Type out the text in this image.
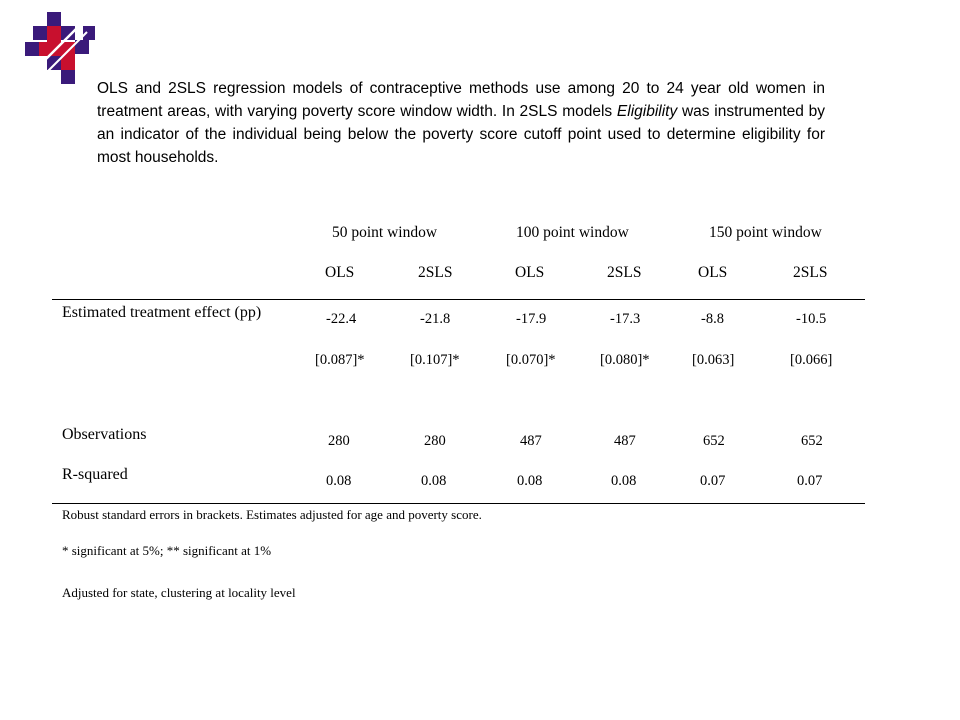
OLS and 2SLS regression models of contraceptive methods use among 20 to 24 year old women in treatment areas, with varying poverty score window width. In 2SLS models Eligibility was instrumented by an indicator of the individual being below the poverty score cutoff point used to determine eligibility for most households.
50 point window	100 point window	150 point window
OLS	2SLS	OLS	2SLS	OLS	2SLS
Estimated treatment effect (pp)	-22.4	-21.8	-17.9	-17.3	-8.8	-10.5
[0.087]*	[0.107]*	[0.070]*	[0.080]*	[0.063]	[0.066]
Observations	280	280	487	487	652	652
R-squared	0.08	0.08	0.08	0.08	0.07	0.07
Robust standard errors in brackets. Estimates adjusted for age and poverty score.
* significant at 5%; ** significant at 1%
Adjusted for state, clustering at locality level
